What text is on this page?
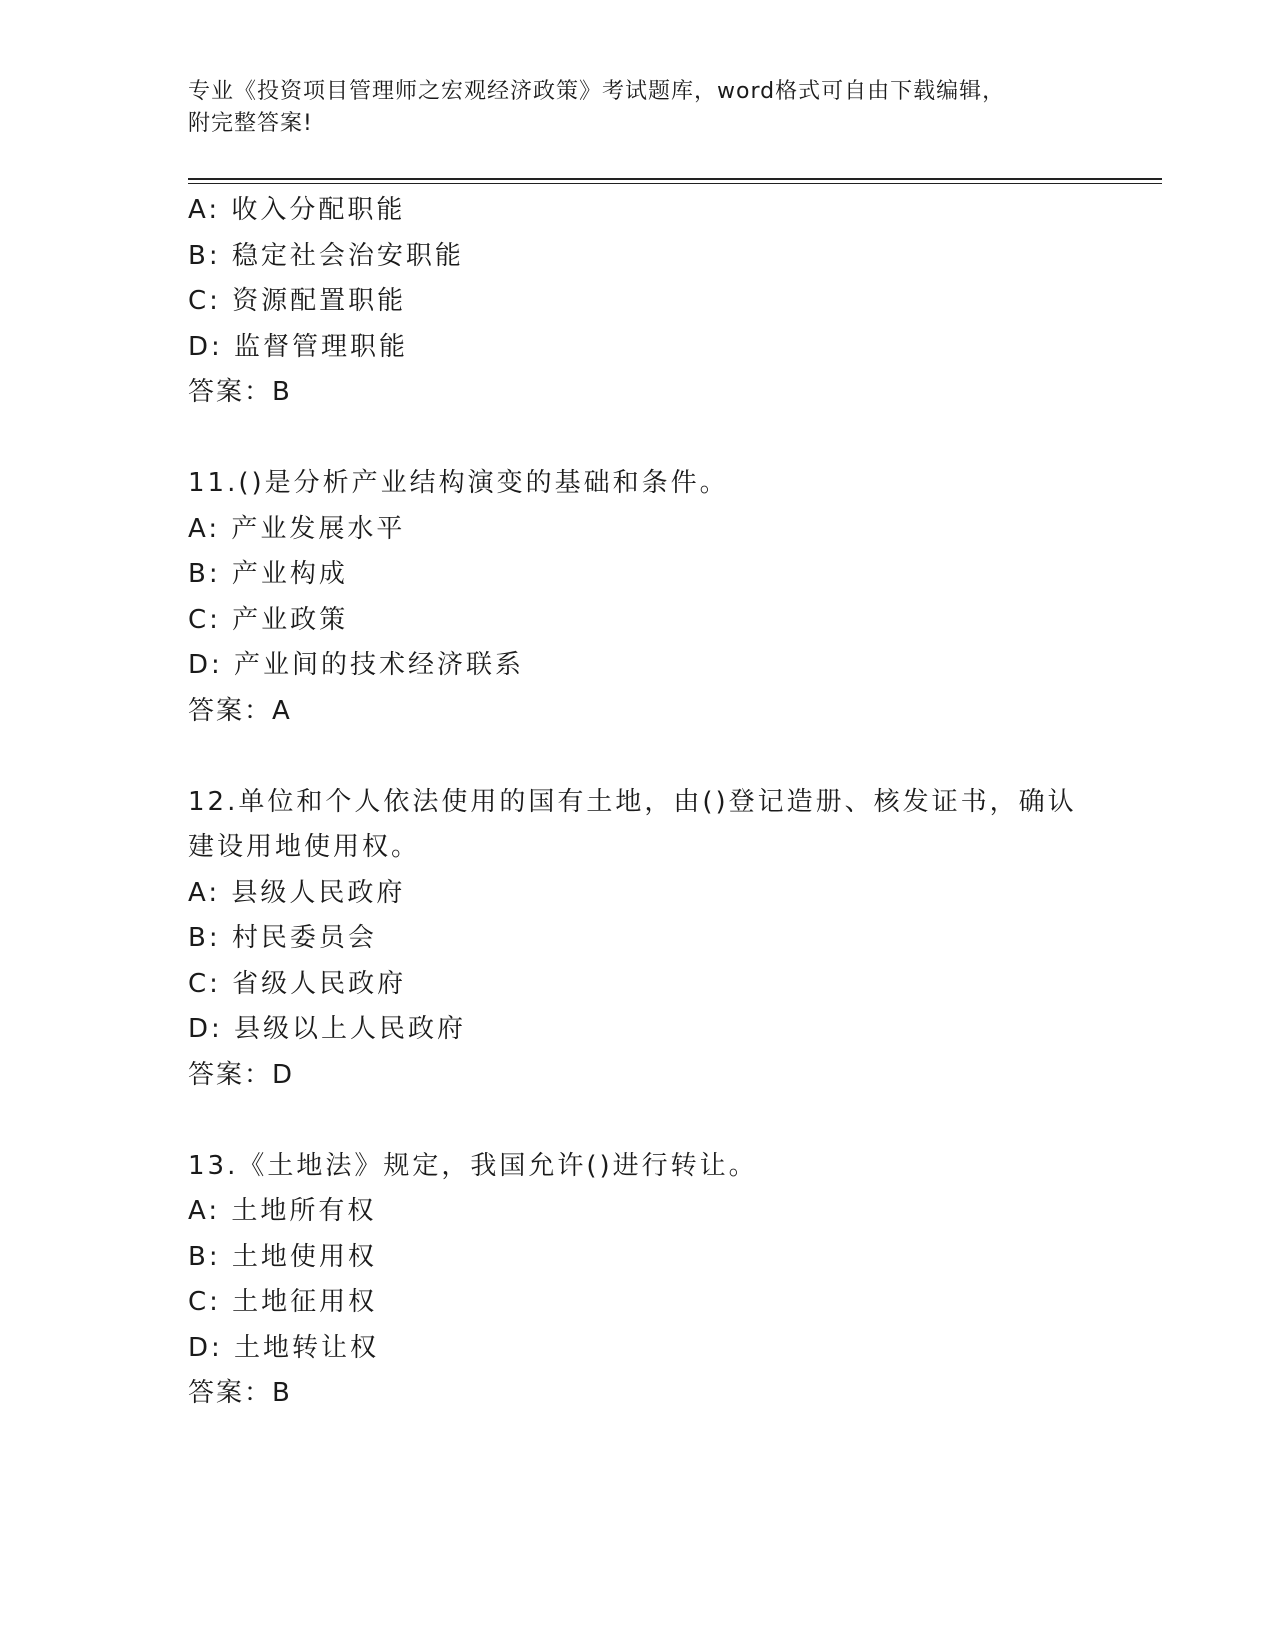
专业《投资项目管理师之宏观经济政策》考试题库，word格式可自由下载编辑，
附完整答案!
A: 收入分配职能
B: 稳定社会治安职能
C: 资源配置职能
D: 监督管理职能
答案：B
11.()是分析产业结构演变的基础和条件。
A: 产业发展水平
B: 产业构成
C: 产业政策
D: 产业间的技术经济联系
答案：A
12.单位和个人依法使用的国有土地，由()登记造册、核发证书，确认
建设用地使用权。
A: 县级人民政府
B: 村民委员会
C: 省级人民政府
D: 县级以上人民政府
答案：D
13.《土地法》规定，我国允许()进行转让。
A: 土地所有权
B: 土地使用权
C: 土地征用权
D: 土地转让权
答案：B
